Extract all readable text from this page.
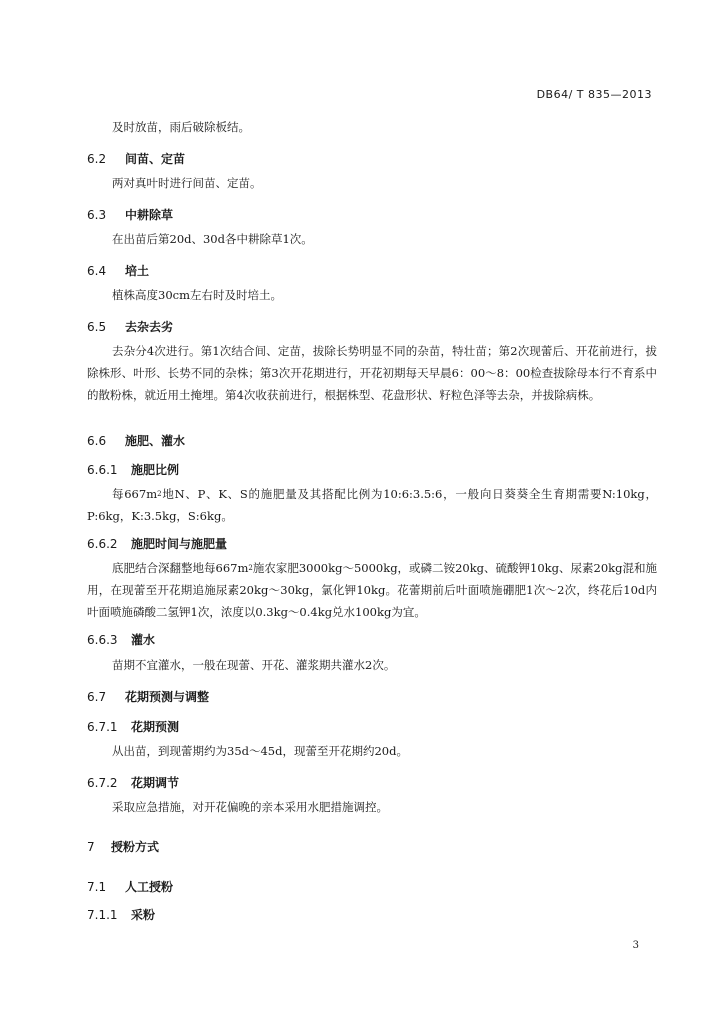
DB64/ T 835—2013
及时放苗，雨后破除板结。
6.2 间苗、定苗
两对真叶时进行间苗、定苗。
6.3 中耕除草
在出苗后第20d、30d各中耕除草1次。
6.4 培土
植株高度30cm左右时及时培土。
6.5 去杂去劣
去杂分4次进行。第1次结合间、定苗，拔除长势明显不同的杂苗，特壮苗；第2次现蕾后、开花前进行，拔除株形、叶形、长势不同的杂株；第3次开花期进行，开花初期每天早晨6：00～8：00检查拔除母本行不育系中的散粉株，就近用土掩埋。第4次收获前进行，根据株型、花盘形状、籽粒色泽等去杂，并拔除病株。
6.6 施肥、灌水
6.6.1 施肥比例
每$667m^2$地N、P、K、S的施肥量及其搭配比例为10:6:3.5:6，一般向日葵葵全生育期需要N:10kg，P:6kg，K:3.5kg，S:6kg。
6.6.2 施肥时间与施肥量
底肥结合深翻整地每$667m^2$施农家肥3000kg～5000kg，或磷二铵20kg、硫酸钾10kg、尿素20kg混和施用，在现蕾至开花期追施尿素20kg～30kg，氯化钾10kg。花蕾期前后叶面喷施硼肥1次～2次，终花后10d内叶面喷施磷酸二氢钾1次，浓度以0.3kg～0.4kg兑水100kg为宜。
6.6.3 灌水
苗期不宜灌水，一般在现蕾、开花、灌浆期共灌水2次。
6.7 花期预测与调整
6.7.1 花期预测
从出苗，到现蕾期约为35d～45d，现蕾至开花期约20d。
6.7.2 花期调节
采取应急措施，对开花偏晚的亲本采用水肥措施调控。
7 授粉方式
7.1 人工授粉
7.1.1 采粉
3
